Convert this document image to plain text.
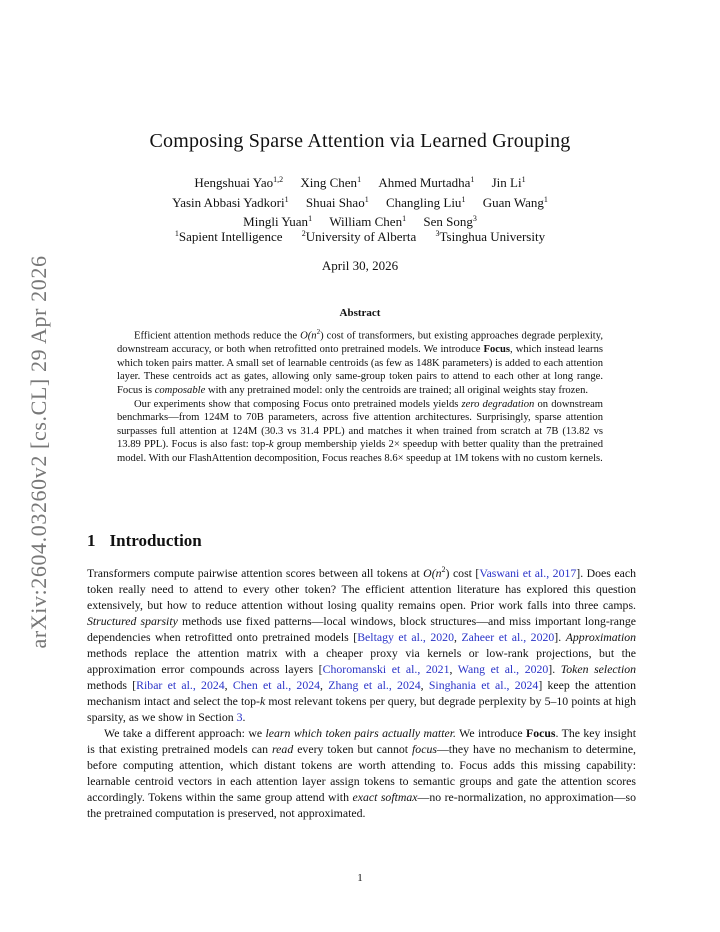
arXiv:2604.03260v2 [cs.CL] 29 Apr 2026
Composing Sparse Attention via Learned Grouping
Hengshuai Yao$^{1,2}$ Xing Chen$^1$ Ahmed Murtadha$^1$ Jin Li$^1$
Yasin Abbasi Yadkori$^1$ Shuai Shao$^1$ Changling Liu$^1$ Guan Wang$^1$
Mingli Yuan$^1$ William Chen$^1$ Sen Song$^3$
$^1$Sapient Intelligence $^2$University of Alberta $^3$Tsinghua University
April 30, 2026
Abstract

Efficient attention methods reduce the $O(n^2)$ cost of transformers, but existing approaches degrade perplexity, downstream accuracy, or both when retrofitted onto pretrained models. We introduce Focus, which instead learns which token pairs matter. A small set of learnable centroids (as few as 148K parameters) is added to each attention layer. These centroids act as gates, allowing only same-group token pairs to attend to each other at long range. Focus is composable with any pretrained model: only the centroids are trained; all original weights stay frozen.

Our experiments show that composing Focus onto pretrained models yields zero degradation on downstream benchmarks—from 124M to 70B parameters, across five attention architectures. Surprisingly, sparse attention surpasses full attention at 124M (30.3 vs 31.4 PPL) and matches it when trained from scratch at 7B (13.82 vs 13.89 PPL). Focus is also fast: top-k group membership yields 2× speedup with better quality than the pretrained model. With our FlashAttention decomposition, Focus reaches 8.6× speedup at 1M tokens with no custom kernels.

1 Introduction

Transformers compute pairwise attention scores between all tokens at $O(n^2)$ cost [Vaswani et al., 2017]. Does each token really need to attend to every other token? The efficient attention literature has explored this question extensively, but how to reduce attention without losing quality remains open. Prior work falls into three camps. Structured sparsity methods use fixed patterns—local windows, block structures—and miss important long-range dependencies when retrofitted onto pretrained models [Beltagy et al., 2020, Zaheer et al., 2020]. Approximation methods replace the attention matrix with a cheaper proxy via kernels or low-rank projections, but the approximation error compounds across layers [Choromanski et al., 2021, Wang et al., 2020]. Token selection methods [Ribar et al., 2024, Chen et al., 2024, Zhang et al., 2024, Singhania et al., 2024] keep the attention mechanism intact and select the top-k most relevant tokens per query, but degrade perplexity by 5–10 points at high sparsity, as we show in Section 3.

We take a different approach: we learn which token pairs actually matter. We introduce Focus. The key insight is that existing pretrained models can read every token but cannot focus—they have no mechanism to determine, before computing attention, which distant tokens are worth attending to. Focus adds this missing capability: learnable centroid vectors in each attention layer assign tokens to semantic groups and gate the attention scores accordingly. Tokens within the same group attend with exact softmax—no re-normalization, no approximation—so the pretrained computation is preserved, not approximated.

1
